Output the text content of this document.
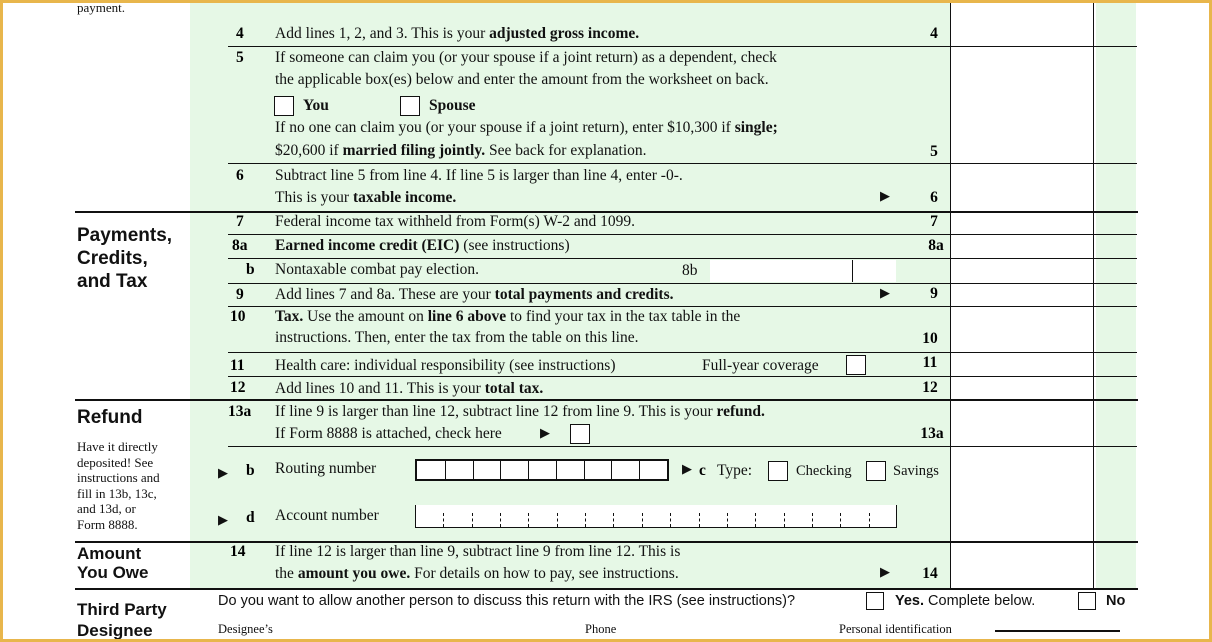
payment.
4 Add lines 1, 2, and 3. This is your adjusted gross income.	4
5 If someone can claim you (or your spouse if a joint return) as a dependent, check
the applicable box(es) below and enter the amount from the worksheet on back.
You	Spouse
If no one can claim you (or your spouse if a joint return), enter $10,300 if single;
$20,600 if married filing jointly. See back for explanation.	5
6 Subtract line 5 from line 4. If line 5 is larger than line 4, enter -0-.
This is your taxable income.	▶	6
Payments,
Credits,
and Tax
7 Federal income tax withheld from Form(s) W-2 and 1099.	7
8a Earned income credit (EIC) (see instructions)	8a
b Nontaxable combat pay election.	8b
9 Add lines 7 and 8a. These are your total payments and credits.	▶	9
10 Tax. Use the amount on line 6 above to find your tax in the tax table in the
instructions. Then, enter the tax from the table on this line.	10
11 Health care: individual responsibility (see instructions)	Full-year coverage	11
12 Add lines 10 and 11. This is your total tax.	12
Refund
Have it directly
deposited! See
instructions and
fill in 13b, 13c,
and 13d, or
Form 8888.
13a If line 9 is larger than line 12, subtract line 12 from line 9. This is your refund.
If Form 8888 is attached, check here	▶	13a
▶ b Routing number	▶ c Type:	Checking	Savings
▶ d Account number
Amount
You Owe
14 If line 12 is larger than line 9, subtract line 9 from line 12. This is
the amount you owe. For details on how to pay, see instructions.	▶	14
Third Party
Designee
Do you want to allow another person to discuss this return with the IRS (see instructions)?	Yes. Complete below.	No
Designee’s	Phone	Personal identification
